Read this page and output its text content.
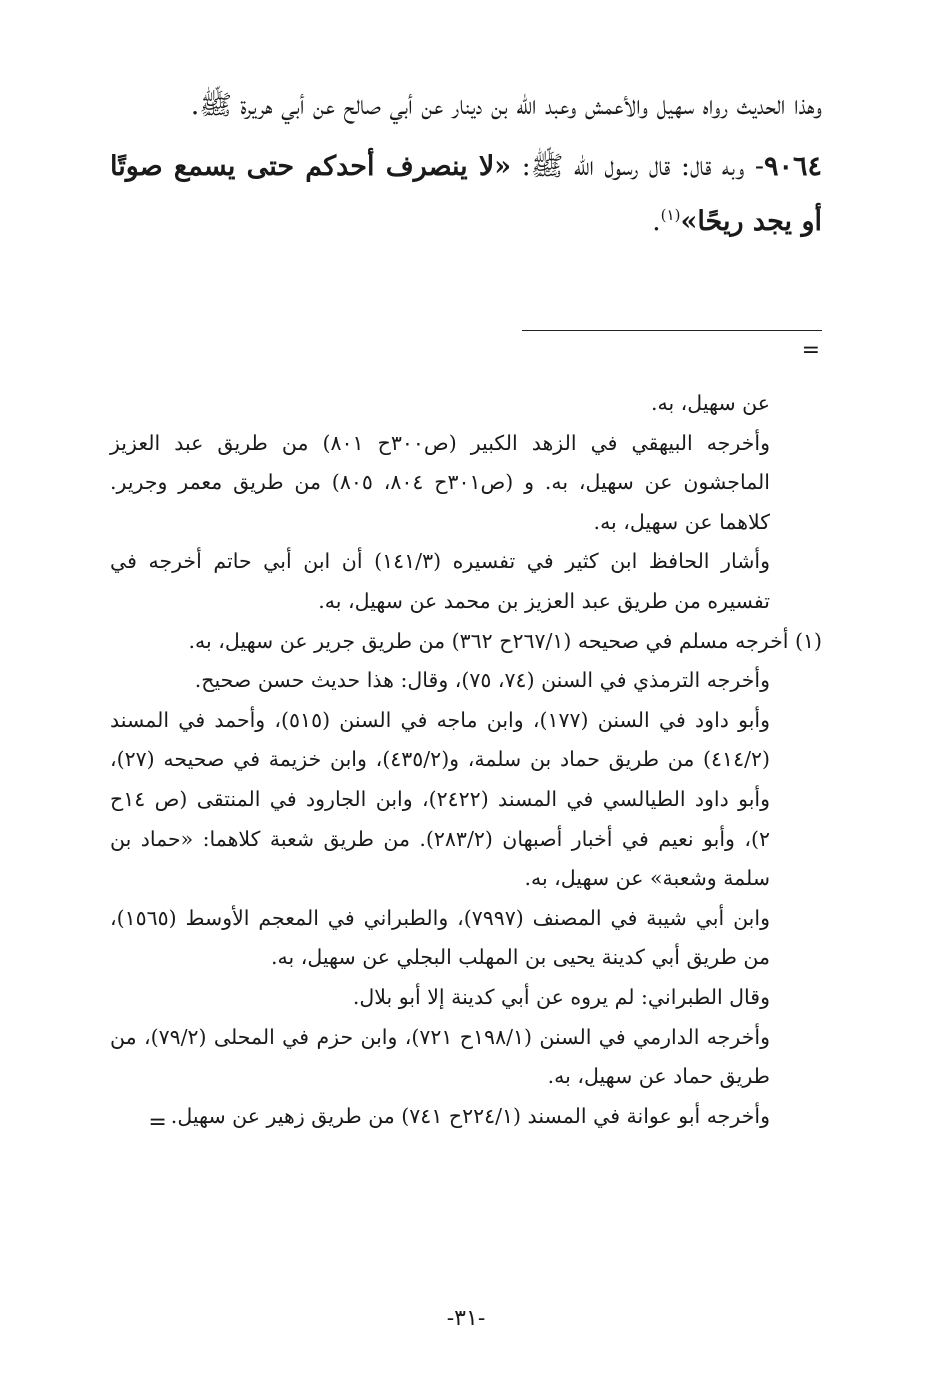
وهذا الحديث رواه سهيل والأعمش وعبد الله بن دينار عن أبي صالح عن أبي هريرة ﷺ.

٩٠٦٤- وبه قال: قال رسول الله ﷺ: «لا ينصرف أحدكم حتى يسمع صوتًا أو يجد ريحًا»$^{(١)}$.

=

عن سهيل، به.

وأخرجه البيهقي في الزهد الكبير (ص٣٠٠ح ٨٠١) من طريق عبد العزيز الماجشون عن سهيل، به. و (ص٣٠١ح ٨٠٤، ٨٠٥) من طريق معمر وجرير. كلاهما عن سهيل، به.

وأشار الحافظ ابن كثير في تفسيره (١٤١/٣) أن ابن أبي حاتم أخرجه في تفسيره من طريق عبد العزيز بن محمد عن سهيل، به.

(١) أخرجه مسلم في صحيحه (٢٦٧/١ح ٣٦٢) من طريق جرير عن سهيل، به.

وأخرجه الترمذي في السنن (٧٤، ٧٥)، وقال: هذا حديث حسن صحيح.

وأبو داود في السنن (١٧٧)، وابن ماجه في السنن (٥١٥)، وأحمد في المسند (٤١٤/٢) من طريق حماد بن سلمة، و(٤٣٥/٢)، وابن خزيمة في صحيحه (٢٧)، وأبو داود الطيالسي في المسند (٢٤٢٢)، وابن الجارود في المنتقى (ص ١٤ح ٢)، وأبو نعيم في أخبار أصبهان (٢٨٣/٢). من طريق شعبة كلاهما: «حماد بن سلمة وشعبة» عن سهيل، به.

وابن أبي شيبة في المصنف (٧٩٩٧)، والطبراني في المعجم الأوسط (١٥٦٥)، من طريق أبي كدينة يحيى بن المهلب البجلي عن سهيل، به.

وقال الطبراني: لم يروه عن أبي كدينة إلا أبو بلال.

وأخرجه الدارمي في السنن (١٩٨/١ح ٧٢١)، وابن حزم في المحلى (٧٩/٢)، من طريق حماد عن سهيل، به.

وأخرجه أبو عوانة في المسند (٢٢٤/١ح ٧٤١) من طريق زهير عن سهيل.=

-٣١-
